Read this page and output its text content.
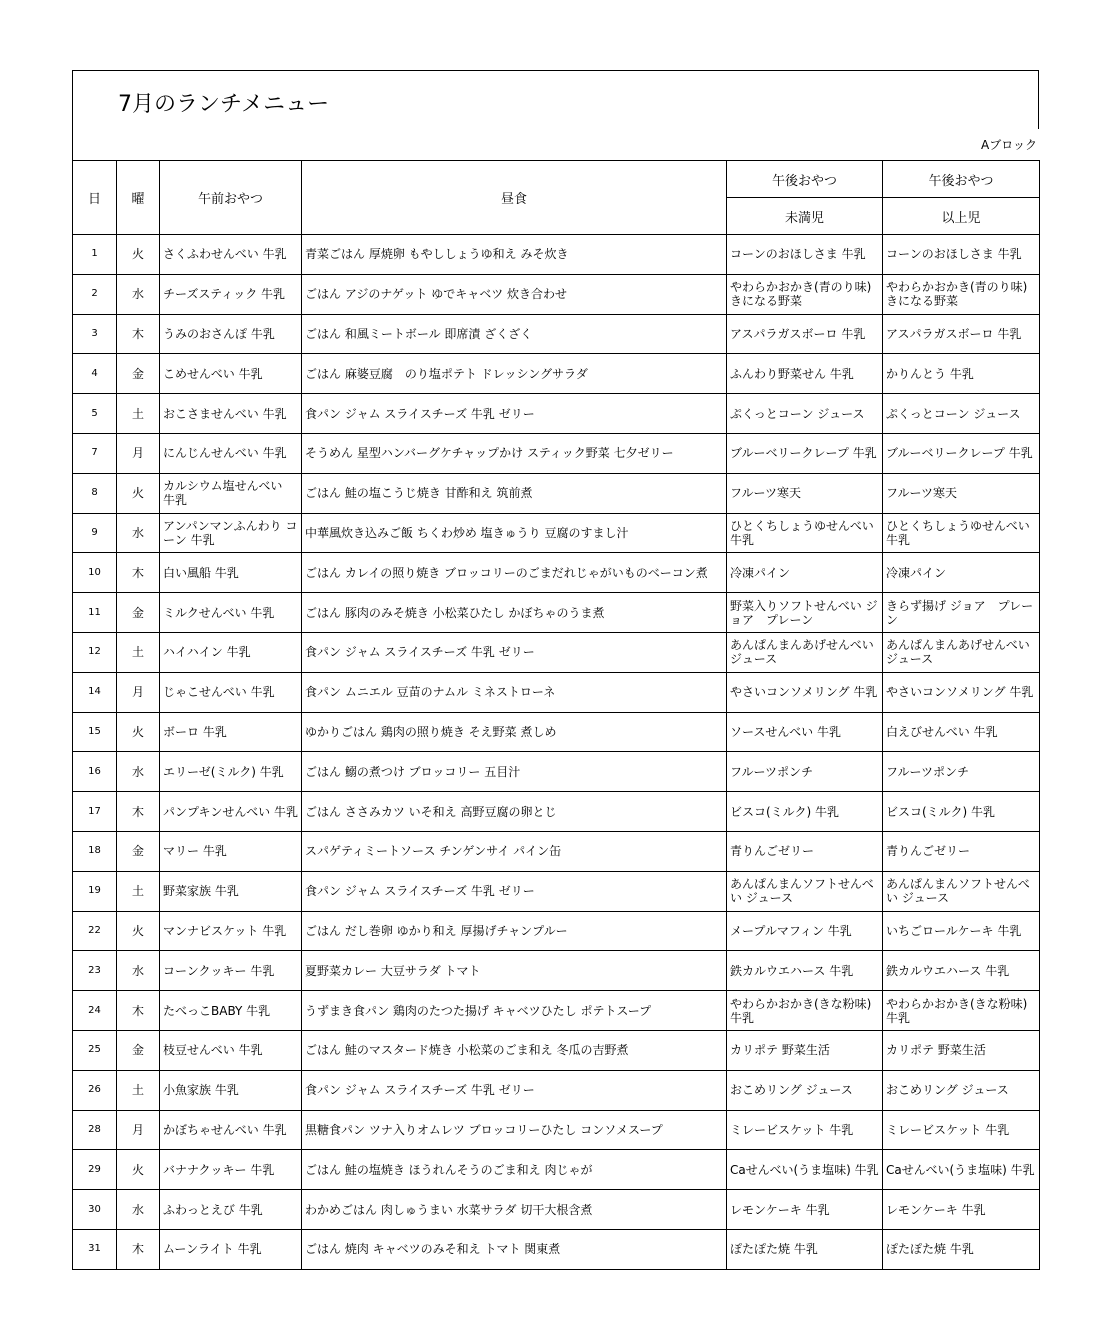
7月のランチメニュー
Aブロック
日	曜	午前おやつ	昼食	午後おやつ	午後おやつ
				未満児	以上児
1	火	さくふわせんべい 牛乳	青菜ごはん 厚焼卵 もやししょうゆ和え みそ炊き	コーンのおほしさま 牛乳	コーンのおほしさま 牛乳
2	水	チーズスティック 牛乳	ごはん アジのナゲット ゆでキャベツ 炊き合わせ	やわらかおかき(青のり味) きになる野菜	やわらかおかき(青のり味) きになる野菜
3	木	うみのおさんぽ 牛乳	ごはん 和風ミートボール 即席漬 ざくざく	アスパラガスボーロ 牛乳	アスパラガスボーロ 牛乳
4	金	こめせんべい 牛乳	ごはん 麻婆豆腐　のり塩ポテト ドレッシングサラダ	ふんわり野菜せん 牛乳	かりんとう 牛乳
5	土	おこさませんべい 牛乳	食パン ジャム スライスチーズ 牛乳 ゼリー	ぷくっとコーン ジュース	ぷくっとコーン ジュース
7	月	にんじんせんべい 牛乳	そうめん 星型ハンバーグケチャップかけ スティック野菜 七夕ゼリー	ブルーベリークレープ 牛乳	ブルーベリークレープ 牛乳
8	火	カルシウム塩せんべい 牛乳	ごはん 鮭の塩こうじ焼き 甘酢和え 筑前煮	フルーツ寒天	フルーツ寒天
9	水	アンパンマンふんわり コーン 牛乳	中華風炊き込みご飯 ちくわ炒め 塩きゅうり 豆腐のすまし汁	ひとくちしょうゆせんべい 牛乳	ひとくちしょうゆせんべい 牛乳
10	木	白い風船 牛乳	ごはん カレイの照り焼き ブロッコリーのごまだれじゃがいものベーコン煮	冷凍パイン	冷凍パイン
11	金	ミルクせんべい 牛乳	ごはん 豚肉のみそ焼き 小松菜ひたし かぼちゃのうま煮	野菜入りソフトせんべい ジョア　プレーン	きらず揚げ ジョア　プレーン
12	土	ハイハイン 牛乳	食パン ジャム スライスチーズ 牛乳 ゼリー	あんぱんまんあげせんべい ジュース	あんぱんまんあげせんべい ジュース
14	月	じゃこせんべい 牛乳	食パン ムニエル 豆苗のナムル ミネストローネ	やさいコンソメリング 牛乳	やさいコンソメリング 牛乳
15	火	ボーロ 牛乳	ゆかりごはん 鶏肉の照り焼き そえ野菜 煮しめ	ソースせんべい 牛乳	白えびせんべい 牛乳
16	水	エリーゼ(ミルク) 牛乳	ごはん 鰯の煮つけ ブロッコリー 五目汁	フルーツポンチ	フルーツポンチ
17	木	パンプキンせんべい 牛乳	ごはん ささみカツ いそ和え 高野豆腐の卵とじ	ビスコ(ミルク) 牛乳	ビスコ(ミルク) 牛乳
18	金	マリー 牛乳	スパゲティミートソース チンゲンサイ パイン缶	青りんごゼリー	青りんごゼリー
19	土	野菜家族 牛乳	食パン ジャム スライスチーズ 牛乳 ゼリー	あんぱんまんソフトせんべい ジュース	あんぱんまんソフトせんべい ジュース
22	火	マンナビスケット 牛乳	ごはん だし巻卵 ゆかり和え 厚揚げチャンプルー	メープルマフィン 牛乳	いちごロールケーキ 牛乳
23	水	コーンクッキー 牛乳	夏野菜カレー 大豆サラダ トマト	鉄カルウエハース 牛乳	鉄カルウエハース 牛乳
24	木	たべっこBABY 牛乳	うずまき食パン 鶏肉のたつた揚げ キャベツひたし ポテトスープ	やわらかおかき(きな粉味) 牛乳	やわらかおかき(きな粉味) 牛乳
25	金	枝豆せんべい 牛乳	ごはん 鮭のマスタード焼き 小松菜のごま和え 冬瓜の吉野煮	カリポテ 野菜生活	カリポテ 野菜生活
26	土	小魚家族 牛乳	食パン ジャム スライスチーズ 牛乳 ゼリー	おこめリング ジュース	おこめリング ジュース
28	月	かぼちゃせんべい 牛乳	黒糖食パン ツナ入りオムレツ ブロッコリーひたし コンソメスープ	ミレービスケット 牛乳	ミレービスケット 牛乳
29	火	バナナクッキー 牛乳	ごはん 鮭の塩焼き ほうれんそうのごま和え 肉じゃが	Caせんべい(うま塩味) 牛乳	Caせんべい(うま塩味) 牛乳
30	水	ふわっとえび 牛乳	わかめごはん 肉しゅうまい 水菜サラダ 切干大根含煮	レモンケーキ 牛乳	レモンケーキ 牛乳
31	木	ムーンライト 牛乳	ごはん 焼肉 キャベツのみそ和え トマト 関東煮	ぽたぽた焼 牛乳	ぽたぽた焼 牛乳
